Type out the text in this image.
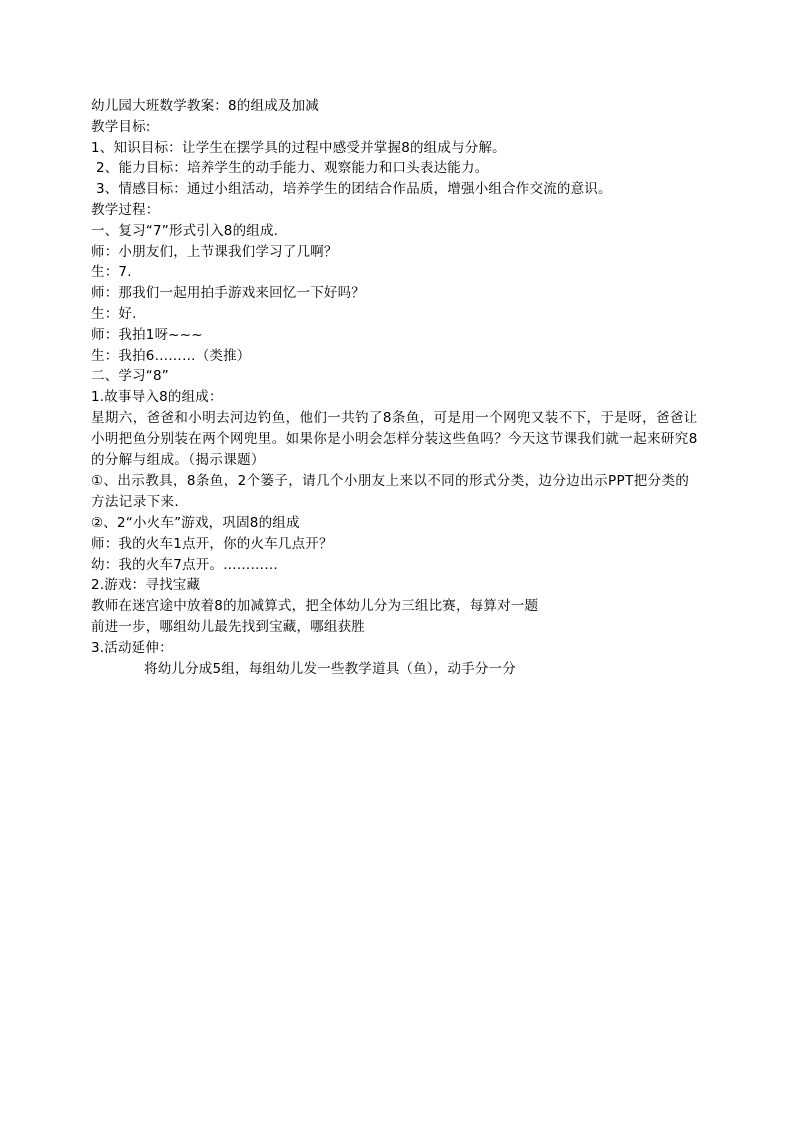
幼儿园大班数学教案：8的组成及加减
教学目标:
1、知识目标：让学生在摆学具的过程中感受并掌握8的组成与分解。
2、能力目标：培养学生的动手能力、观察能力和口头表达能力。
3、情感目标：通过小组活动，培养学生的团结合作品质，增强小组合作交流的意识。
教学过程：
一、复习“7”形式引入8的组成.
师：小朋友们，上节课我们学习了几啊？
生：7.
师：那我们一起用拍手游戏来回忆一下好吗？
生：好.
师：我拍1呀~~~
生：我拍6………（类推）
二、学习“8”
1.故事导入8的组成：
星期六，爸爸和小明去河边钓鱼，他们一共钓了8条鱼，可是用一个网兜又装不下，于是呀，爸爸让小明把鱼分别装在两个网兜里。如果你是小明会怎样分装这些鱼吗？今天这节课我们就一起来研究8的分解与组成。（揭示课题）
①、出示教具，8条鱼，2个篓子，请几个小朋友上来以不同的形式分类，边分边出示PPT把分类的方法记录下来.
②、2“小火车”游戏，巩固8的组成
师：我的火车1点开，你的火车几点开？
幼：我的火车7点开。…………
2.游戏：寻找宝藏
教师在迷宫途中放着8的加减算式，把全体幼儿分为三组比赛，每算对一题
前进一步，哪组幼儿最先找到宝藏，哪组获胜
3.活动延伸：
将幼儿分成5组，每组幼儿发一些教学道具（鱼），动手分一分
